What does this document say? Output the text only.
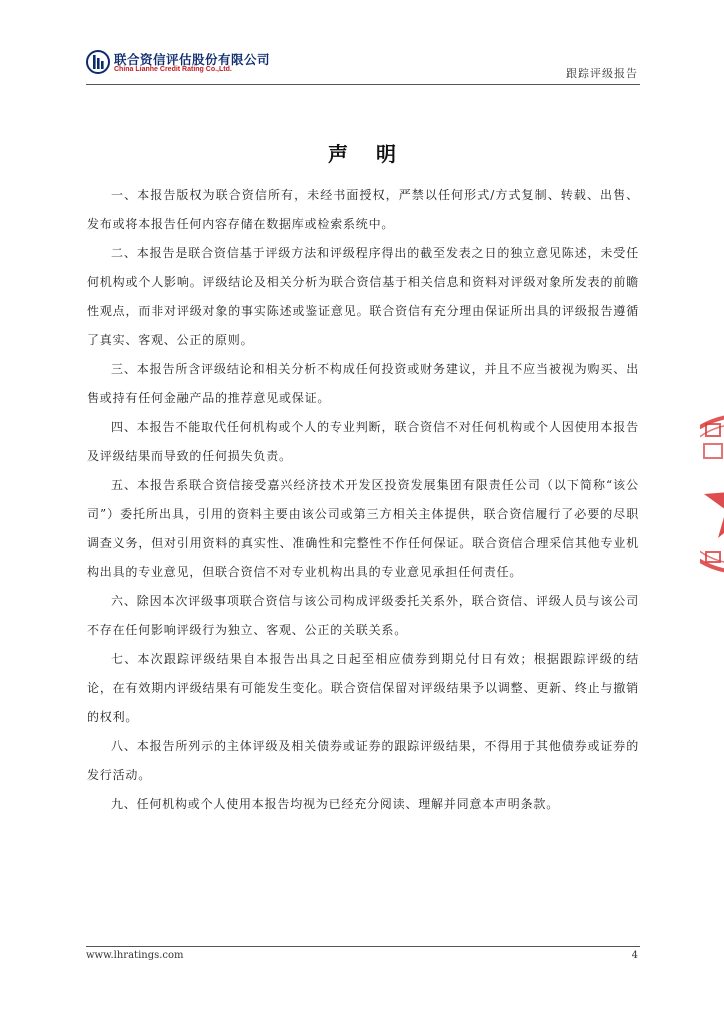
联合资信评估股份有限公司
China Lianhe Credit Rating Co.,Ltd.	跟踪评级报告
声明

一、本报告版权为联合资信所有，未经书面授权，严禁以任何形式/方式复制、转载、出售、发布或将本报告任何内容存储在数据库或检索系统中。

二、本报告是联合资信基于评级方法和评级程序得出的截至发表之日的独立意见陈述，未受任何机构或个人影响。评级结论及相关分析为联合资信基于相关信息和资料对评级对象所发表的前瞻性观点，而非对评级对象的事实陈述或鉴证意见。联合资信有充分理由保证所出具的评级报告遵循了真实、客观、公正的原则。

三、本报告所含评级结论和相关分析不构成任何投资或财务建议，并且不应当被视为购买、出售或持有任何金融产品的推荐意见或保证。

四、本报告不能取代任何机构或个人的专业判断，联合资信不对任何机构或个人因使用本报告及评级结果而导致的任何损失负责。

五、本报告系联合资信接受嘉兴经济技术开发区投资发展集团有限责任公司（以下简称“该公司”）委托所出具，引用的资料主要由该公司或第三方相关主体提供，联合资信履行了必要的尽职调查义务，但对引用资料的真实性、准确性和完整性不作任何保证。联合资信合理采信其他专业机构出具的专业意见，但联合资信不对专业机构出具的专业意见承担任何责任。

六、除因本次评级事项联合资信与该公司构成评级委托关系外，联合资信、评级人员与该公司不存在任何影响评级行为独立、客观、公正的关联关系。

七、本次跟踪评级结果自本报告出具之日起至相应债券到期兑付日有效；根据跟踪评级的结论，在有效期内评级结果有可能发生变化。联合资信保留对评级结果予以调整、更新、终止与撤销的权利。

八、本报告所列示的主体评级及相关债券或证券的跟踪评级结果，不得用于其他债券或证券的发行活动。

九、任何机构或个人使用本报告均视为已经充分阅读、理解并同意本声明条款。

www.lhratings.com	4
